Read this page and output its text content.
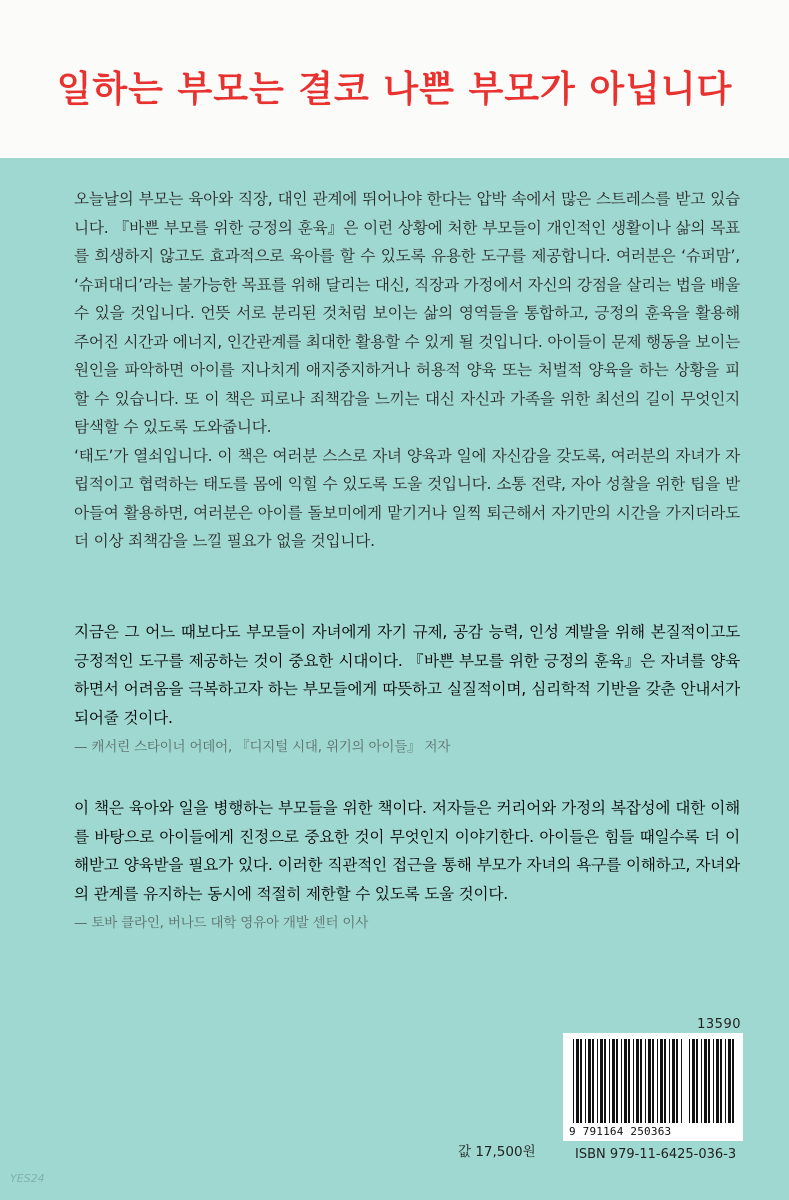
일하는 부모는 결코 나쁜 부모가 아닙니다

오늘날의 부모는 육아와 직장, 대인 관계에 뛰어나야 한다는 압박 속에서 많은 스트레스를 받고 있습니다. 『바쁜 부모를 위한 긍정의 훈육』은 이런 상황에 처한 부모들이 개인적인 생활이나 삶의 목표를 희생하지 않고도 효과적으로 육아를 할 수 있도록 유용한 도구를 제공합니다. 여러분은 ‘슈퍼맘’, ‘슈퍼대디’라는 불가능한 목표를 위해 달리는 대신, 직장과 가정에서 자신의 강점을 살리는 법을 배울 수 있을 것입니다. 언뜻 서로 분리된 것처럼 보이는 삶의 영역들을 통합하고, 긍정의 훈육을 활용해 주어진 시간과 에너지, 인간관계를 최대한 활용할 수 있게 될 것입니다. 아이들이 문제 행동을 보이는 원인을 파악하면 아이를 지나치게 애지중지하거나 허용적 양육 또는 처벌적 양육을 하는 상황을 피할 수 있습니다. 또 이 책은 피로나 죄책감을 느끼는 대신 자신과 가족을 위한 최선의 길이 무엇인지 탐색할 수 있도록 도와줍니다.

‘태도’가 열쇠입니다. 이 책은 여러분 스스로 자녀 양육과 일에 자신감을 갖도록, 여러분의 자녀가 자립적이고 협력하는 태도를 몸에 익힐 수 있도록 도울 것입니다. 소통 전략, 자아 성찰을 위한 팁을 받아들여 활용하면, 여러분은 아이를 돌보미에게 맡기거나 일찍 퇴근해서 자기만의 시간을 가지더라도 더 이상 죄책감을 느낄 필요가 없을 것입니다.

지금은 그 어느 때보다도 부모들이 자녀에게 자기 규제, 공감 능력, 인성 계발을 위해 본질적이고도 긍정적인 도구를 제공하는 것이 중요한 시대이다. 『바쁜 부모를 위한 긍정의 훈육』은 자녀를 양육하면서 어려움을 극복하고자 하는 부모들에게 따뜻하고 실질적이며, 심리학적 기반을 갖춘 안내서가 되어줄 것이다.

— 캐서린 스타이너 어데어, 『디지털 시대, 위기의 아이들』 저자

이 책은 육아와 일을 병행하는 부모들을 위한 책이다. 저자들은 커리어와 가정의 복잡성에 대한 이해를 바탕으로 아이들에게 진정으로 중요한 것이 무엇인지 이야기한다. 아이들은 힘들 때일수록 더 이해받고 양육받을 필요가 있다. 이러한 직관적인 접근을 통해 부모가 자녀의 욕구를 이해하고, 자녀와의 관계를 유지하는 동시에 적절히 제한할 수 있도록 도울 것이다.

— 토바 클라인, 버나드 대학 영유아 개발 센터 이사

13590
9 791164 250363
ISBN 979-11-6425-036-3
값 17,500원
YES24
